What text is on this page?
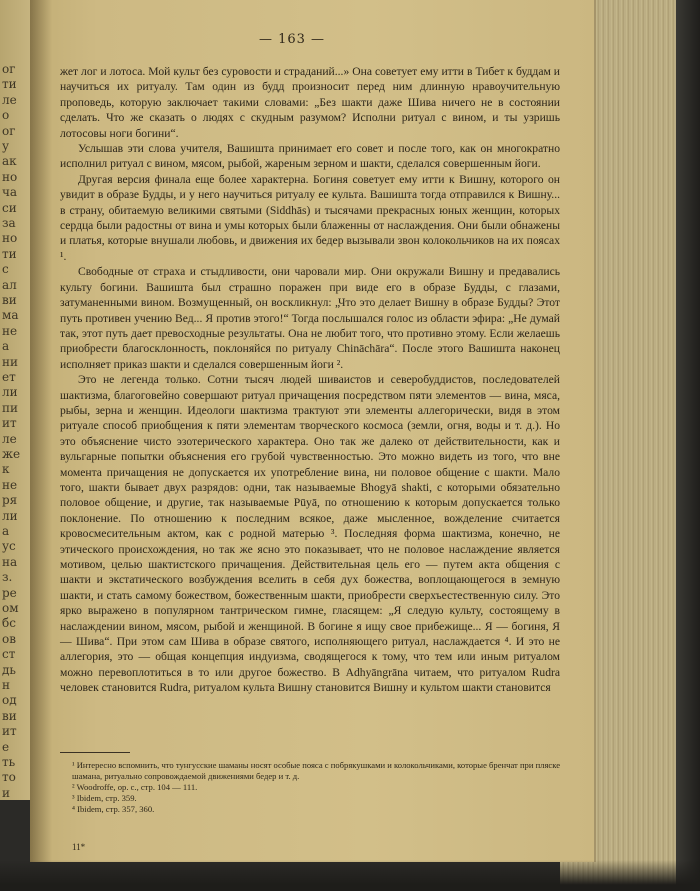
ог
ти
ле
о
ог
у
ак
но
ча
си
за
но
ти
с
ал
ви
ма
не
а
ни
ет
ли
пи
ит
ле
же
к
не
ря
ли
а
ус
на
з.
ре
ом
бс
ов
ст
дь
н
од
ви
ит
е
ть
то
и
— 163 —

жет лог и лотоса. Мой культ без суровости и страданий...» Она советует ему итти в Тибет к буддам и научиться их ритуалу. Там один из будд произносит перед ним длинную нравоучительную проповедь, которую заключает такими словами: „Без шакти даже Шива ничего не в состоянии сделать. Что же сказать о людях с скудным разумом? Исполни ритуал с вином, и ты узришь лотосовы ноги богини“.

Услышав эти слова учителя, Вашишта принимает его совет и после того, как он многократно исполнил ритуал с вином, мясом, рыбой, жареным зерном и шакти, сделался совершенным йоги.

Другая версия финала еще более характерна. Богиня советует ему итти к Вишну, которого он увидит в образе Будды, и у него научиться ритуалу ее культа. Вашишта тогда отправился к Вишну... в страну, обитаемую великими святыми (Siddhās) и тысячами прекрасных юных женщин, которых сердца были радостны от вина и умы которых были блаженны от наслаждения. Они были обнажены и платья, которые внушали любовь, и движения их бедер вызывали звон колокольчиков на их поясах ¹.

Свободные от страха и стыдливости, они чаровали мир. Они окружали Вишну и предавались культу богини. Вашишта был страшно поражен при виде его в образе Будды, с глазами, затуманенными вином. Возмущенный, он воскликнул: „Что это делает Вишну в образе Будды? Этот путь противен учению Вед... Я против этого!“ Тогда послышался голос из области эфира: „Не думай так, этот путь дает превосходные результаты. Она не любит того, что противно этому. Если желаешь приобрести благосклонность, поклоняйся по ритуалу Chināchāra“. После этого Вашишта наконец исполняет приказ шакти и сделался совершенным йоги ².

Это не легенда только. Сотни тысяч людей шиваистов и северобуддистов, последователей шактизма, благоговейно совершают ритуал причащения посредством пяти элементов — вина, мяса, рыбы, зерна и женщин. Идеологи шактизма трактуют эти элементы аллегорически, видя в этом ритуале способ приобщения к пяти элементам творческого космоса (земли, огня, воды и т. д.). Но это объяснение чисто эзотерического характера. Оно так же далеко от действительности, как и вульгарные попытки объяснения его грубой чувственностью. Это можно видеть из того, что вне момента причащения не допускается их употребление вина, ни половое общение с шакти. Мало того, шакти бывает двух разрядов: одни, так называемые Bhogyā shakti, с которыми обязательно половое общение, и другие, так называемые Pūyā, по отношению к которым допускается только поклонение. По отношению к последним всякое, даже мысленное, вожделение считается кровосмесительным актом, как с родной матерью ³. Последняя форма шактизма, конечно, не этического происхождения, но так же ясно это показывает, что не половое наслаждение является мотивом, целью шактистского причащения. Действительная цель его — путем акта общения с шакти и экстатического возбуждения вселить в себя дух божества, воплощающегося в земную шакти, и стать самому божеством, божественным шакти, приобрести сверхъестественную силу. Это ярко выражено в популярном тантрическом гимне, гласящем: „Я следую культу, состоящему в наслаждении вином, мясом, рыбой и женщиной. В богине я ищу свое прибежище... Я — богиня, Я — Шива“. При этом сам Шива в образе святого, исполняющего ритуал, наслаждается ⁴. И это не аллегория, это — общая концепция индуизма, сводящегося к тому, что тем или иным ритуалом можно перевоплотиться в то или другое божество. В Adhyāngrāna читаем, что ритуалом Rudra человек становится Rudra, ритуалом культа Вишну становится Вишну и культом шакти становится

¹ Интересно вспомнить, что тунгусские шаманы носят особые пояса с побрякушками и колокольчиками, которые бренчат при пляске шамана, ритуально сопровождаемой движениями бедер и т. д.

² Woodroffe, op. c., стр. 104 — 111.

³ Ibidem, стр. 359.

⁴ Ibidem, стр. 357, 360.

11*
